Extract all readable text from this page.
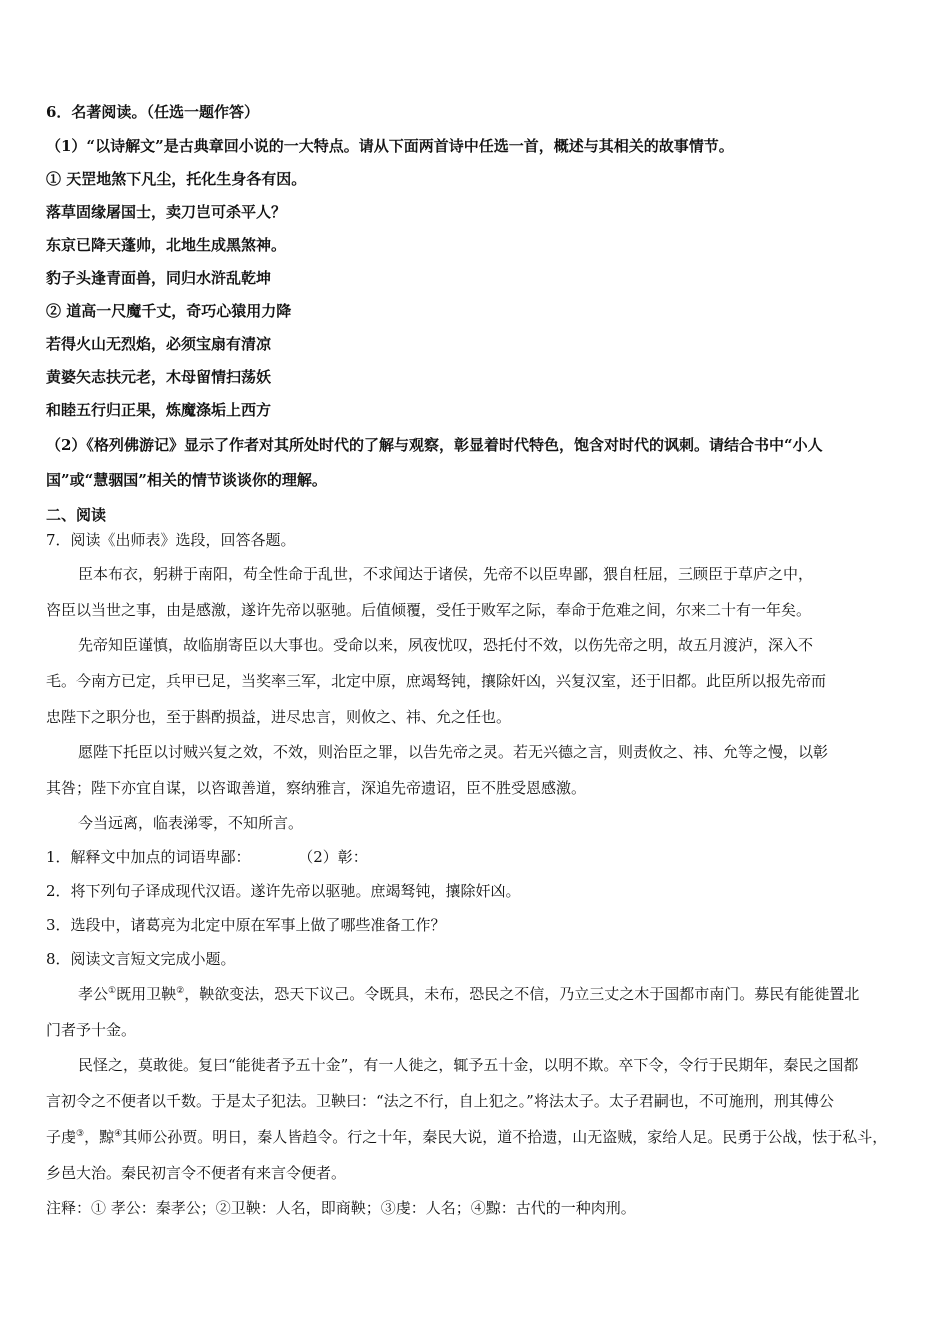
6．名著阅读。（任选一题作答）
（1）“以诗解文”是古典章回小说的一大特点。请从下面两首诗中任选一首，概述与其相关的故事情节。
① 天罡地煞下凡尘，托化生身各有因。
落草固缘屠国士，卖刀岂可杀平人？
东京已降天蓬帅，北地生成黑煞神。
豹子头逢青面兽，同归水浒乱乾坤
② 道高一尺魔千丈，奇巧心猿用力降
若得火山无烈焰，必须宝扇有清凉
黄婆矢志扶元老，木母留情扫荡妖
和睦五行归正果，炼魔涤垢上西方
（2）《格列佛游记》显示了作者对其所处时代的了解与观察，彰显着时代特色，饱含对时代的讽刺。请结合书中“小人
国”或“慧骃国”相关的情节谈谈你的理解。
二、阅读
7．阅读《出师表》选段，回答各题。
臣本布衣，躬耕于南阳，苟全性命于乱世，不求闻达于诸侯，先帝不以臣卑鄙，猥自枉屈，三顾臣于草庐之中，
咨臣以当世之事，由是感激，遂许先帝以驱驰。后值倾覆，受任于败军之际，奉命于危难之间，尔来二十有一年矣。
先帝知臣谨慎，故临崩寄臣以大事也。受命以来，夙夜忧叹，恐托付不效，以伤先帝之明，故五月渡泸，深入不
毛。今南方已定，兵甲已足，当奖率三军，北定中原，庶竭驽钝，攘除奸凶，兴复汉室，还于旧都。此臣所以报先帝而
忠陛下之职分也，至于斟酌损益，进尽忠言，则攸之、祎、允之任也。
愿陛下托臣以讨贼兴复之效，不效，则治臣之罪，以告先帝之灵。若无兴德之言，则责攸之、祎、允等之慢，以彰
其咎；陛下亦宜自谋，以咨诹善道，察纳雅言，深追先帝遗诏，臣不胜受恩感激。
今当远离，临表涕零，不知所言。
1．解释文中加点的词语卑鄙：          （2）彰：
2．将下列句子译成现代汉语。遂许先帝以驱驰。庶竭驽钝，攘除奸凶。
3．选段中，诸葛亮为北定中原在军事上做了哪些准备工作？
8．阅读文言短文完成小题。
孝公①既用卫鞅②，鞅欲变法，恐天下议己。令既具，未布，恐民之不信，乃立三丈之木于国都市南门。募民有能徙置北
门者予十金。
民怪之，莫敢徙。复曰“能徙者予五十金”，有一人徙之，辄予五十金，以明不欺。卒下令，令行于民期年，秦民之国都
言初令之不便者以千数。于是太子犯法。卫鞅曰：“法之不行，自上犯之。”将法太子。太子君嗣也，不可施刑，刑其傅公
子虔③，黥④其师公孙贾。明日，秦人皆趋令。行之十年，秦民大说，道不拾遗，山无盗贼，家给人足。民勇于公战，怯于私斗，
乡邑大治。秦民初言令不便者有来言令便者。
注释：① 孝公：秦孝公；②卫鞅：人名，即商鞅；③虔：人名；④黥：古代的一种肉刑。
